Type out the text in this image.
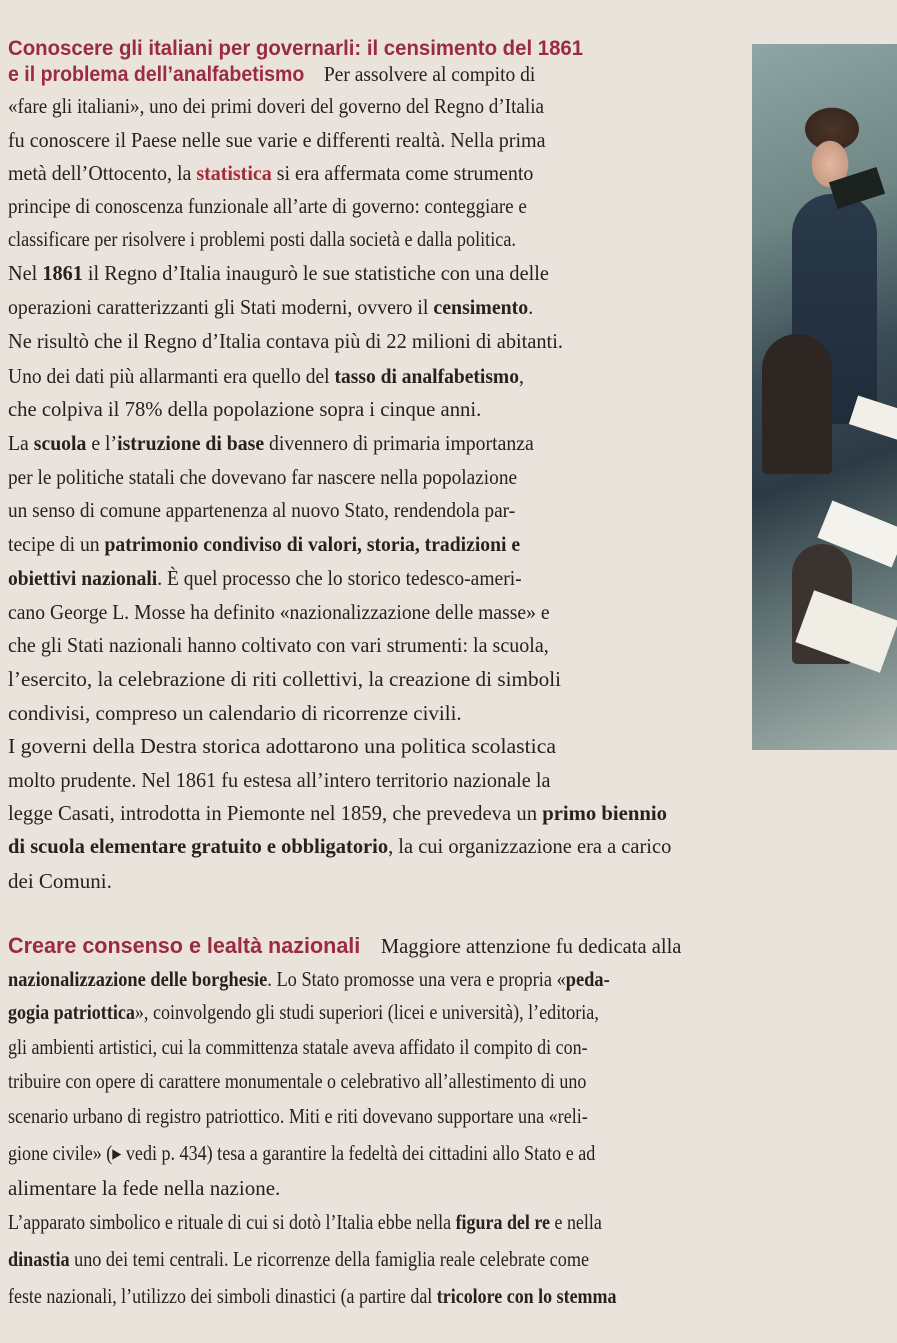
Conoscere gli italiani per governarli: il censimento del 1861
e il problema dell’analfabetismo Per assolvere al compito di
«fare gli italiani», uno dei primi doveri del governo del Regno d’Italia
fu conoscere il Paese nelle sue varie e differenti realtà. Nella prima
metà dell’Ottocento, la statistica si era affermata come strumento
principe di conoscenza funzionale all’arte di governo: conteggiare e
classificare per risolvere i problemi posti dalla società e dalla politica.
Nel 1861 il Regno d’Italia inaugurò le sue statistiche con una delle
operazioni caratterizzanti gli Stati moderni, ovvero il censimento.
Ne risultò che il Regno d’Italia contava più di 22 milioni di abitanti.
Uno dei dati più allarmanti era quello del tasso di analfabetismo,
che colpiva il 78% della popolazione sopra i cinque anni.
La scuola e l’istruzione di base divennero di primaria importanza
per le politiche statali che dovevano far nascere nella popolazione
un senso di comune appartenenza al nuovo Stato, rendendola par-
tecipe di un patrimonio condiviso di valori, storia, tradizioni e
obiettivi nazionali. È quel processo che lo storico tedesco-ameri-
cano George L. Mosse ha definito «nazionalizzazione delle masse» e
che gli Stati nazionali hanno coltivato con vari strumenti: la scuola,
l’esercito, la celebrazione di riti collettivi, la creazione di simboli
condivisi, compreso un calendario di ricorrenze civili.
I governi della Destra storica adottarono una politica scolastica
molto prudente. Nel 1861 fu estesa all’intero territorio nazionale la
legge Casati, introdotta in Piemonte nel 1859, che prevedeva un primo biennio
di scuola elementare gratuito e obbligatorio, la cui organizzazione era a carico
dei Comuni.
Creare consenso e lealtà nazionali Maggiore attenzione fu dedicata alla
nazionalizzazione delle borghesie. Lo Stato promosse una vera e propria «peda-
gogia patriottica», coinvolgendo gli studi superiori (licei e università), l’editoria,
gli ambienti artistici, cui la committenza statale aveva affidato il compito di con-
tribuire con opere di carattere monumentale o celebrativo all’allestimento di uno
scenario urbano di registro patriottico. Miti e riti dovevano supportare una «reli-
gione civile» (▸ vedi p. 434) tesa a garantire la fedeltà dei cittadini allo Stato e ad
alimentare la fede nella nazione.
L’apparato simbolico e rituale di cui si dotò l’Italia ebbe nella figura del re e nella
dinastia uno dei temi centrali. Le ricorrenze della famiglia reale celebrate come
feste nazionali, l’utilizzo dei simboli dinastici (a partire dal tricolore con lo stemma
